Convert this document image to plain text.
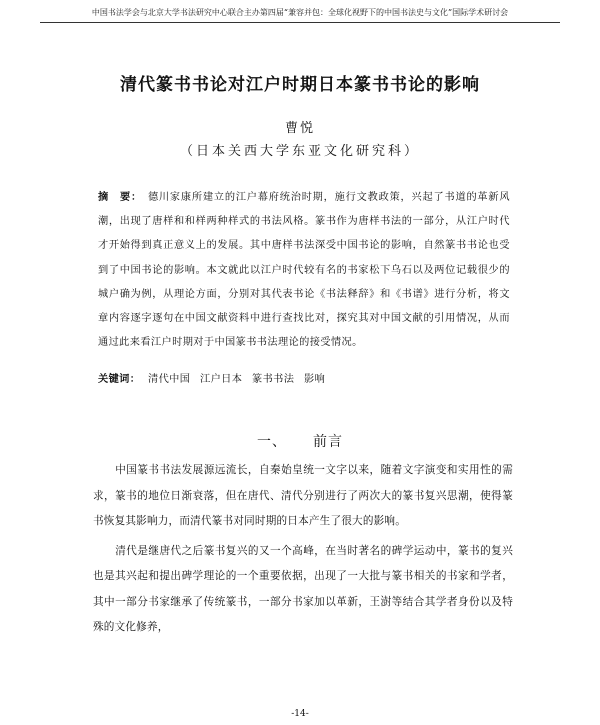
中国书法学会与北京大学书法研究中心联合主办第四届“兼容并包：全球化视野下的中国书法史与文化”国际学术研讨会
清代篆书书论对江户时期日本篆书书论的影响
曹悦
（日本关西大学东亚文化研究科）
摘　要： 德川家康所建立的江户幕府统治时期，施行文教政策，兴起了书道的革新风潮，出现了唐样和和样两种样式的书法风格。篆书作为唐样书法的一部分，从江户时代才开始得到真正意义上的发展。其中唐样书法深受中国书论的影响，自然篆书书论也受到了中国书论的影响。本文就此以江户时代较有名的书家松下乌石以及两位记载很少的城户确为例，从理论方面，分别对其代表书论《书法释辞》和《书谱》进行分析，将文章内容逐字逐句在中国文献资料中进行查找比对，探究其对中国文献的引用情况，从而通过此来看江户时期对于中国篆书书法理论的接受情况。
关键词： 清代中国 江户日本 篆书书法 影响
一、 前言

中国篆书书法发展源远流长，自秦始皇统一文字以来，随着文字演变和实用性的需求，篆书的地位日渐衰落，但在唐代、清代分别进行了两次大的篆书复兴思潮，使得篆书恢复其影响力，而清代篆书对同时期的日本产生了很大的影响。

清代是继唐代之后篆书复兴的又一个高峰，在当时著名的碑学运动中，篆书的复兴也是其兴起和提出碑学理论的一个重要依据，出现了一大批与篆书相关的书家和学者，其中一部分书家继承了传统篆书，一部分书家加以革新，王澍等结合其学者身份以及特殊的文化修养，

-14-
